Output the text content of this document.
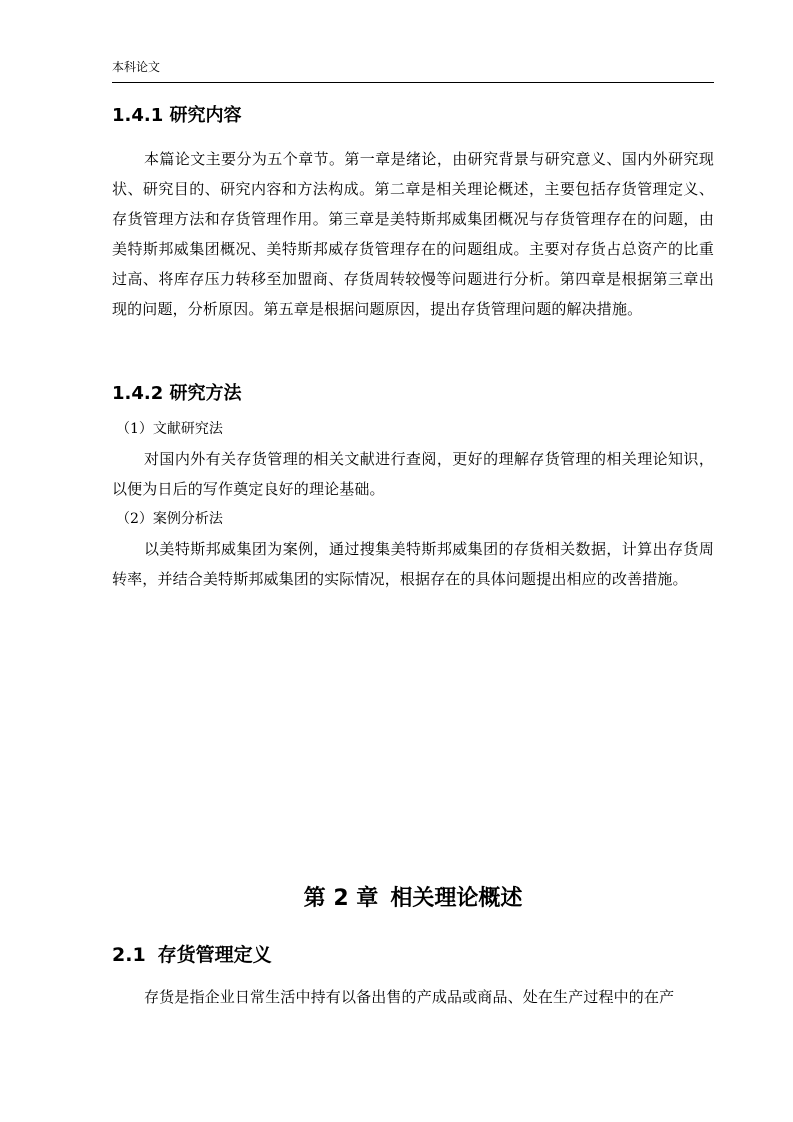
本科论文
1.4.1 研究内容

本篇论文主要分为五个章节。第一章是绪论，由研究背景与研究意义、国内外研究现状、研究目的、研究内容和方法构成。第二章是相关理论概述，主要包括存货管理定义、存货管理方法和存货管理作用。第三章是美特斯邦威集团概况与存货管理存在的问题，由美特斯邦威集团概况、美特斯邦威存货管理存在的问题组成。主要对存货占总资产的比重过高、将库存压力转移至加盟商、存货周转较慢等问题进行分析。第四章是根据第三章出现的问题，分析原因。第五章是根据问题原因，提出存货管理问题的解决措施。

1.4.2 研究方法

（1）文献研究法

对国内外有关存货管理的相关文献进行查阅，更好的理解存货管理的相关理论知识，以便为日后的写作奠定良好的理论基础。

（2）案例分析法

以美特斯邦威集团为案例，通过搜集美特斯邦威集团的存货相关数据，计算出存货周转率，并结合美特斯邦威集团的实际情况，根据存在的具体问题提出相应的改善措施。

第 2 章 相关理论概述
2.1 存货管理定义

存货是指企业日常生活中持有以备出售的产成品或商品、处在生产过程中的在产
